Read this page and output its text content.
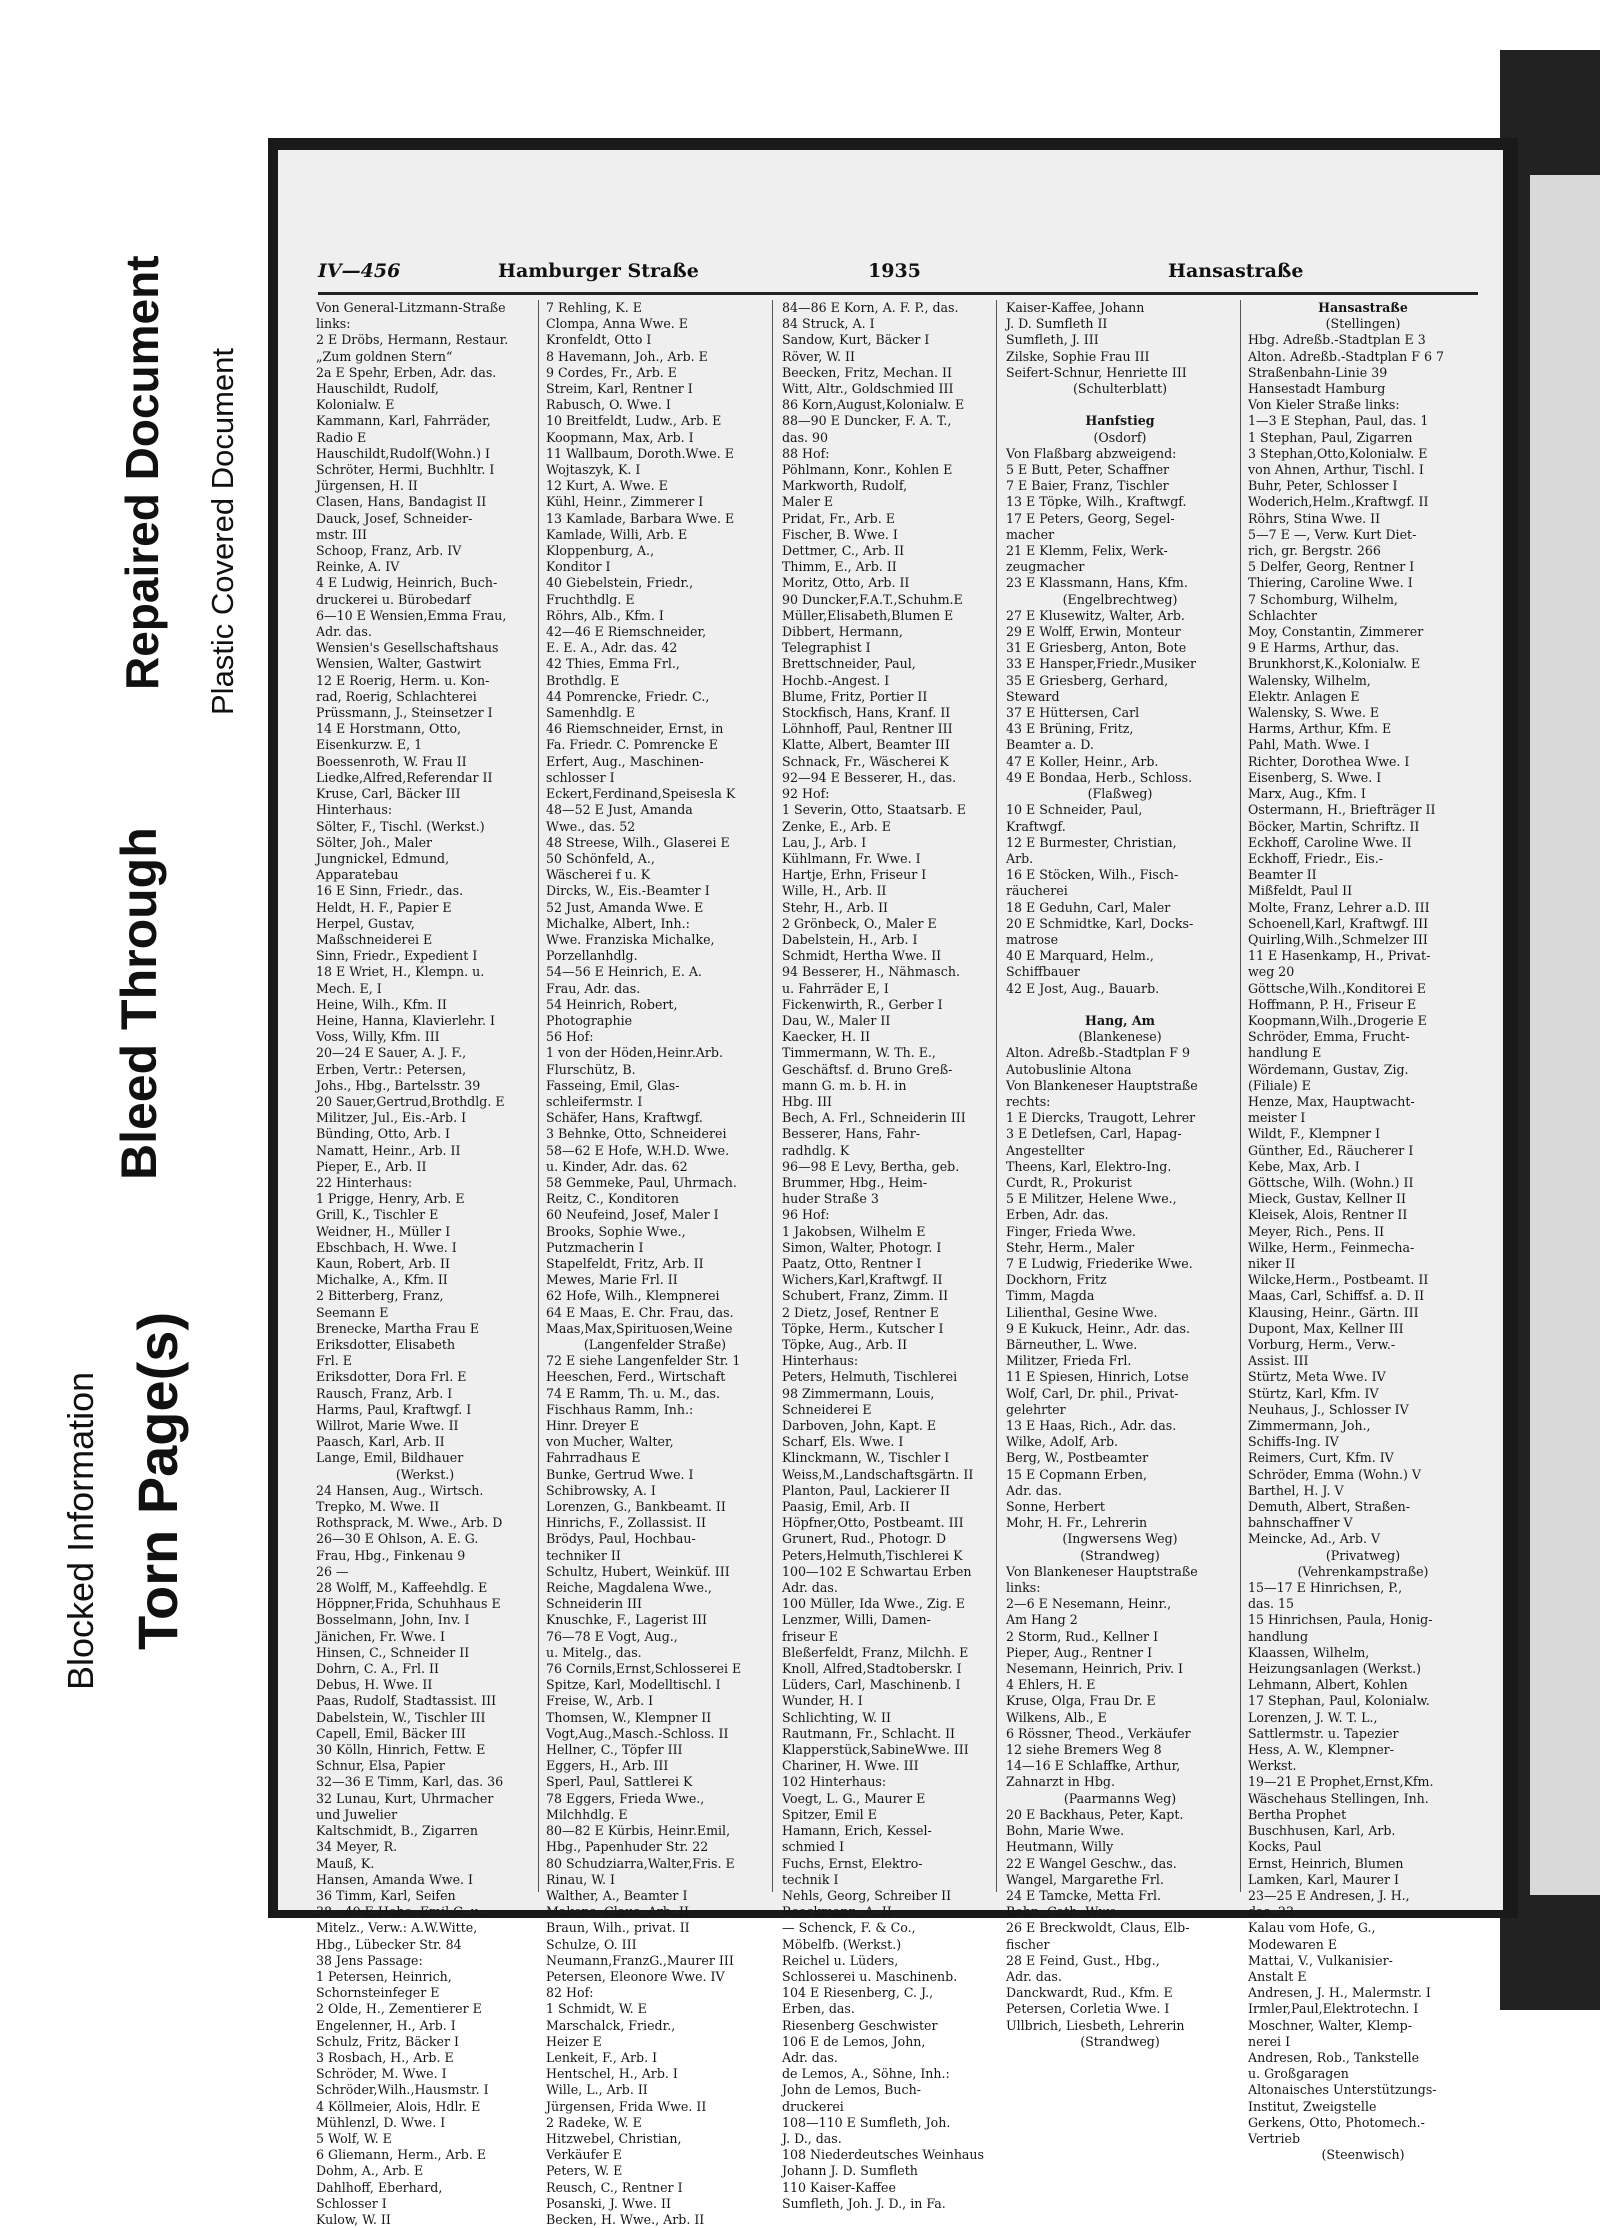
Blocked Information Torn Page(s)
Bleed Through
Repaired Document Plastic Covered Document
IV—456	Hamburger Straße	1935	Hansastraße

Von General-Litzmann-Straße

links:

2 E Dröbs, Hermann, Restaur.

„Zum goldnen Stern“

2a E Spehr, Erben, Adr. das.

Hauschildt, Rudolf,

Kolonialw. E

Kammann, Karl, Fahrräder,

Radio E

Hauschildt,Rudolf(Wohn.) I

Schröter, Hermi, Buchhltr. I

Jürgensen, H. II

Clasen, Hans, Bandagist II

Dauck, Josef, Schneider-

mstr. III

Schoop, Franz, Arb. IV

Reinke, A. IV

4 E Ludwig, Heinrich, Buch-

druckerei u. Bürobedarf

6—10 E Wensien,Emma Frau,

Adr. das.

Wensien's Gesellschaftshaus

Wensien, Walter, Gastwirt

12 E Roerig, Herm. u. Kon-

rad, Roerig, Schlachterei

Prüssmann, J., Steinsetzer I

14 E Horstmann, Otto,

Eisenkurzw. E, 1

Boessenroth, W. Frau II

Liedke,Alfred,Referendar II

Kruse, Carl, Bäcker III

Hinterhaus:

Sölter, F., Tischl. (Werkst.)

Sölter, Joh., Maler

Jungnickel, Edmund,

Apparatebau

16 E Sinn, Friedr., das.

Heldt, H. F., Papier E

Herpel, Gustav,

Maßschneiderei E

Sinn, Friedr., Expedient I

18 E Wriet, H., Klempn. u.

Mech. E, I

Heine, Wilh., Kfm. II

Heine, Hanna, Klavierlehr. I

Voss, Willy, Kfm. III

20—24 E Sauer, A. J. F.,

Erben, Vertr.: Petersen,

Johs., Hbg., Bartelsstr. 39

20 Sauer,Gertrud,Brothdlg. E

Militzer, Jul., Eis.-Arb. I

Bünding, Otto, Arb. I

Namatt, Heinr., Arb. II

Pieper, E., Arb. II

22 Hinterhaus:

1 Prigge, Henry, Arb. E

Grill, K., Tischler E

Weidner, H., Müller I

Ebschbach, H. Wwe. I

Kaun, Robert, Arb. II

Michalke, A., Kfm. II

2 Bitterberg, Franz,

Seemann E

Brenecke, Martha Frau E

Eriksdotter, Elisabeth

Frl. E

Eriksdotter, Dora Frl. E

Rausch, Franz, Arb. I

Harms, Paul, Kraftwgf. I

Willrot, Marie Wwe. II

Paasch, Karl, Arb. II

Lange, Emil, Bildhauer

(Werkst.)

24 Hansen, Aug., Wirtsch.

Trepko, M. Wwe. II

Rothsprack, M. Wwe., Arb. D

26—30 E Ohlson, A. E. G.

Frau, Hbg., Finkenau 9

26 —

28 Wolff, M., Kaffeehdlg. E

Höppner,Frida, Schuhhaus E

Bosselmann, John, Inv. I

Jänichen, Fr. Wwe. I

Hinsen, C., Schneider II

Dohrn, C. A., Frl. II

Debus, H. Wwe. II

Paas, Rudolf, Stadtassist. III

Dabelstein, W., Tischler III

Capell, Emil, Bäcker III

30 Kölln, Hinrich, Fettw. E

Schnur, Elsa, Papier

32—36 E Timm, Karl, das. 36

32 Lunau, Kurt, Uhrmacher

und Juwelier

Kaltschmidt, B., Zigarren

34 Meyer, R.

Mauß, K.

Hansen, Amanda Wwe. I

36 Timm, Karl, Seifen

38—40 E Hohe, Emil G. u.

Mitelz., Verw.: A.W.Witte,

Hbg., Lübecker Str. 84

38 Jens Passage:

1 Petersen, Heinrich,

Schornsteinfeger E

2 Olde, H., Zementierer E

Engelenner, H., Arb. I

Schulz, Fritz, Bäcker I

3 Rosbach, H., Arb. E

Schröder, M. Wwe. I

Schröder,Wilh.,Hausmstr. I

4 Köllmeier, Alois, Hdlr. E

Mühlenzl, D. Wwe. I

5 Wolf, W. E

6 Gliemann, Herm., Arb. E

Dohm, A., Arb. E

Dahlhoff, Eberhard,

Schlosser I

Kulow, W. II

7 Rehling, K. E

Clompa, Anna Wwe. E

Kronfeldt, Otto I

8 Havemann, Joh., Arb. E

9 Cordes, Fr., Arb. E

Streim, Karl, Rentner I

Rabusch, O. Wwe. I

10 Breitfeldt, Ludw., Arb. E

Koopmann, Max, Arb. I

11 Wallbaum, Doroth.Wwe. E

Wojtaszyk, K. I

12 Kurt, A. Wwe. E

Kühl, Heinr., Zimmerer I

13 Kamlade, Barbara Wwe. E

Kamlade, Willi, Arb. E

Kloppenburg, A.,

Konditor I

40 Giebelstein, Friedr.,

Fruchthdlg. E

Röhrs, Alb., Kfm. I

42—46 E Riemschneider,

E. E. A., Adr. das. 42

42 Thies, Emma Frl.,

Brothdlg. E

44 Pomrencke, Friedr. C.,

Samenhdlg. E

46 Riemschneider, Ernst, in

Fa. Friedr. C. Pomrencke E

Erfert, Aug., Maschinen-

schlosser I

Eckert,Ferdinand,Speisesla K

48—52 E Just, Amanda

Wwe., das. 52

48 Streese, Wilh., Glaserei E

50 Schönfeld, A.,

Wäscherei f u. K

Dircks, W., Eis.-Beamter I

52 Just, Amanda Wwe. E

Michalke, Albert, Inh.:

Wwe. Franziska Michalke,

Porzellanhdlg.

54—56 E Heinrich, E. A.

Frau, Adr. das.

54 Heinrich, Robert,

Photographie

56 Hof:

1 von der Höden,Heinr.Arb.

Flurschütz, B.

Fasseing, Emil, Glas-

schleifermstr. I

Schäfer, Hans, Kraftwgf.

3 Behnke, Otto, Schneiderei

58—62 E Hofe, W.H.D. Wwe.

u. Kinder, Adr. das. 62

58 Gemmeke, Paul, Uhrmach.

Reitz, C., Konditoren

60 Neufeind, Josef, Maler I

Brooks, Sophie Wwe.,

Putzmacherin I

Stapelfeldt, Fritz, Arb. II

Mewes, Marie Frl. II

62 Hofe, Wilh., Klempnerei

64 E Maas, E. Chr. Frau, das.

Maas,Max,Spirituosen,Weine

(Langenfelder Straße)

72 E siehe Langenfelder Str. 1

Heeschen, Ferd., Wirtschaft

74 E Ramm, Th. u. M., das.

Fischhaus Ramm, Inh.:

Hinr. Dreyer E

von Mucher, Walter,

Fahrradhaus E

Bunke, Gertrud Wwe. I

Schibrowsky, A. I

Lorenzen, G., Bankbeamt. II

Hinrichs, F., Zollassist. II

Brödys, Paul, Hochbau-

techniker II

Schultz, Hubert, Weinküf. III

Reiche, Magdalena Wwe.,

Schneiderin III

Knuschke, F., Lagerist III

76—78 E Vogt, Aug.,

u. Mitelg., das.

76 Cornils,Ernst,Schlosserei E

Spitze, Karl, Modelltischl. I

Freise, W., Arb. I

Thomsen, W., Klempner II

Vogt,Aug.,Masch.-Schloss. II

Hellner, C., Töpfer III

Eggers, H., Arb. III

Sperl, Paul, Sattlerei K

78 Eggers, Frieda Wwe.,

Milchhdlg. E

80—82 E Kürbis, Heinr.Emil,

Hbg., Papenhuder Str. 22

80 Schudziarra,Walter,Fris. E

Rinau, W. I

Walther, A., Beamter I

Makens, Claus, Arb. II

Braun, Wilh., privat. II

Schulze, O. III

Neumann,FranzG.,Maurer III

Petersen, Eleonore Wwe. IV

82 Hof:

1 Schmidt, W. E

Marschalck, Friedr.,

Heizer E

Lenkeit, F., Arb. I

Hentschel, H., Arb. I

Wille, L., Arb. II

Jürgensen, Frida Wwe. II

2 Radeke, W. E

Hitzwebel, Christian,

Verkäufer E

Peters, W. E

Reusch, C., Rentner I

Posanski, J. Wwe. II

Becken, H. Wwe., Arb. II

84—86 E Korn, A. F. P., das.

84 Struck, A. I

Sandow, Kurt, Bäcker I

Röver, W. II

Beecken, Fritz, Mechan. II

Witt, Altr., Goldschmied III

86 Korn,August,Kolonialw. E

88—90 E Duncker, F. A. T.,

das. 90

88 Hof:

Pöhlmann, Konr., Kohlen E

Markworth, Rudolf,

Maler E

Pridat, Fr., Arb. E

Fischer, B. Wwe. I

Dettmer, C., Arb. II

Thimm, E., Arb. II

Moritz, Otto, Arb. II

90 Duncker,F.A.T.,Schuhm.E

Müller,Elisabeth,Blumen E

Dibbert, Hermann,

Telegraphist I

Brettschneider, Paul,

Hochb.-Angest. I

Blume, Fritz, Portier II

Stockfisch, Hans, Kranf. II

Löhnhoff, Paul, Rentner III

Klatte, Albert, Beamter III

Schnack, Fr., Wäscherei K

92—94 E Besserer, H., das.

92 Hof:

1 Severin, Otto, Staatsarb. E

Zenke, E., Arb. E

Lau, J., Arb. I

Kühlmann, Fr. Wwe. I

Hartje, Erhn, Friseur I

Wille, H., Arb. II

Stehr, H., Arb. II

2 Grönbeck, O., Maler E

Dabelstein, H., Arb. I

Schmidt, Hertha Wwe. II

94 Besserer, H., Nähmasch.

u. Fahrräder E, I

Fickenwirth, R., Gerber I

Dau, W., Maler II

Kaecker, H. II

Timmermann, W. Th. E.,

Geschäftsf. d. Bruno Greß-

mann G. m. b. H. in

Hbg. III

Bech, A. Frl., Schneiderin III

Besserer, Hans, Fahr-

radhdlg. K

96—98 E Levy, Bertha, geb.

Brummer, Hbg., Heim-

huder Straße 3

96 Hof:

1 Jakobsen, Wilhelm E

Simon, Walter, Photogr. I

Paatz, Otto, Rentner I

Wichers,Karl,Kraftwgf. II

Schubert, Franz, Zimm. II

2 Dietz, Josef, Rentner E

Töpke, Herm., Kutscher I

Töpke, Aug., Arb. II

Hinterhaus:

Peters, Helmuth, Tischlerei

98 Zimmermann, Louis,

Schneiderei E

Darboven, John, Kapt. E

Scharf, Els. Wwe. I

Klinckmann, W., Tischler I

Weiss,M.,Landschaftsgärtn. II

Planton, Paul, Lackierer II

Paasig, Emil, Arb. II

Höpfner,Otto, Postbeamt. III

Grunert, Rud., Photogr. D

Peters,Helmuth,Tischlerei K

100—102 E Schwartau Erben

Adr. das.

100 Müller, Ida Wwe., Zig. E

Lenzmer, Willi, Damen-

friseur E

Bleßerfeldt, Franz, Milchh. E

Knoll, Alfred,Stadtoberskr. I

Lüders, Carl, Maschinenb. I

Wunder, H. I

Schlichting, W. II

Rautmann, Fr., Schlacht. II

Klapperstück,SabineWwe. III

Chariner, H. Wwe. III

102 Hinterhaus:

Voegt, L. G., Maurer E

Spitzer, Emil E

Hamann, Erich, Kessel-

schmied I

Fuchs, Ernst, Elektro-

technik I

Nehls, Georg, Schreiber II

Reeckmann, A. II

— Schenck, F. & Co.,

Möbelfb. (Werkst.)

Reichel u. Lüders,

Schlosserei u. Maschinenb.

104 E Riesenberg, C. J.,

Erben, das.

Riesenberg Geschwister

106 E de Lemos, John,

Adr. das.

de Lemos, A., Söhne, Inh.:

John de Lemos, Buch-

druckerei

108—110 E Sumfleth, Joh.

J. D., das.

108 Niederdeutsches Weinhaus

Johann J. D. Sumfleth

110 Kaiser-Kaffee

Sumfleth, Joh. J. D., in Fa.

Kaiser-Kaffee, Johann

J. D. Sumfleth II

Sumfleth, J. III

Zilske, Sophie Frau III

Seifert-Schnur, Henriette III

(Schulterblatt)

Hanfstieg

(Osdorf)

Von Flaßbarg abzweigend:

5 E Butt, Peter, Schaffner

7 E Baier, Franz, Tischler

13 E Töpke, Wilh., Kraftwgf.

17 E Peters, Georg, Segel-

macher

21 E Klemm, Felix, Werk-

zeugmacher

23 E Klassmann, Hans, Kfm.

(Engelbrechtweg)

27 E Klusewitz, Walter, Arb.

29 E Wolff, Erwin, Monteur

31 E Griesberg, Anton, Bote

33 E Hansper,Friedr.,Musiker

35 E Griesberg, Gerhard,

Steward

37 E Hüttersen, Carl

43 E Brüning, Fritz,

Beamter a. D.

47 E Koller, Heinr., Arb.

49 E Bondaa, Herb., Schloss.

(Flaßweg)

10 E Schneider, Paul,

Kraftwgf.

12 E Burmester, Christian,

Arb.

16 E Stöcken, Wilh., Fisch-

räucherei

18 E Geduhn, Carl, Maler

20 E Schmidtke, Karl, Docks-

matrose

40 E Marquard, Helm.,

Schiffbauer

42 E Jost, Aug., Bauarb.

Hang, Am

(Blankenese)

Alton. Adreßb.-Stadtplan F 9

Autobuslinie Altona

Von Blankeneser Hauptstraße

rechts:

1 E Diercks, Traugott, Lehrer

3 E Detlefsen, Carl, Hapag-

Angestellter

Theens, Karl, Elektro-Ing.

Curdt, R., Prokurist

5 E Militzer, Helene Wwe.,

Erben, Adr. das.

Finger, Frieda Wwe.

Stehr, Herm., Maler

7 E Ludwig, Friederike Wwe.

Dockhorn, Fritz

Timm, Magda

Lilienthal, Gesine Wwe.

9 E Kukuck, Heinr., Adr. das.

Bärneuther, L. Wwe.

Militzer, Frieda Frl.

11 E Spiesen, Hinrich, Lotse

Wolf, Carl, Dr. phil., Privat-

gelehrter

13 E Haas, Rich., Adr. das.

Wilke, Adolf, Arb.

Berg, W., Postbeamter

15 E Copmann Erben,

Adr. das.

Sonne, Herbert

Mohr, H. Fr., Lehrerin

(Ingwersens Weg)

(Strandweg)

Von Blankeneser Hauptstraße

links:

2—6 E Nesemann, Heinr.,

Am Hang 2

2 Storm, Rud., Kellner I

Pieper, Aug., Rentner I

Nesemann, Heinrich, Priv. I

4 Ehlers, H. E

Kruse, Olga, Frau Dr. E

Wilkens, Alb., E

6 Rössner, Theod., Verkäufer

12 siehe Bremers Weg 8

14—16 E Schlaffke, Arthur,

Zahnarzt in Hbg.

(Paarmanns Weg)

20 E Backhaus, Peter, Kapt.

Bohn, Marie Wwe.

Heutmann, Willy

22 E Wangel Geschw., das.

Wangel, Margarethe Frl.

24 E Tamcke, Metta Frl.

Bohn, Cath. Wwe.

26 E Breckwoldt, Claus, Elb-

fischer

28 E Feind, Gust., Hbg.,

Adr. das.

Danckwardt, Rud., Kfm. E

Petersen, Corletia Wwe. I

Ullbrich, Liesbeth, Lehrerin

(Strandweg)

Hansastraße

(Stellingen)

Hbg. Adreßb.-Stadtplan E 3

Alton. Adreßb.-Stadtplan F 6 7

Straßenbahn-Linie 39

Hansestadt Hamburg

Von Kieler Straße links:

1—3 E Stephan, Paul, das. 1

1 Stephan, Paul, Zigarren

3 Stephan,Otto,Kolonialw. E

von Ahnen, Arthur, Tischl. I

Buhr, Peter, Schlosser I

Woderich,Helm.,Kraftwgf. II

Röhrs, Stina Wwe. II

5—7 E —, Verw. Kurt Diet-

rich, gr. Bergstr. 266

5 Delfer, Georg, Rentner I

Thiering, Caroline Wwe. I

7 Schomburg, Wilhelm,

Schlachter

Moy, Constantin, Zimmerer

9 E Harms, Arthur, das.

Brunkhorst,K.,Kolonialw. E

Walensky, Wilhelm,

Elektr. Anlagen E

Walensky, S. Wwe. E

Harms, Arthur, Kfm. E

Pahl, Math. Wwe. I

Richter, Dorothea Wwe. I

Eisenberg, S. Wwe. I

Marx, Aug., Kfm. I

Ostermann, H., Briefträger II

Böcker, Martin, Schriftz. II

Eckhoff, Caroline Wwe. II

Eckhoff, Friedr., Eis.-

Beamter II

Mißfeldt, Paul II

Molte, Franz, Lehrer a.D. III

Schoenell,Karl, Kraftwgf. III

Quirling,Wilh.,Schmelzer III

11 E Hasenkamp, H., Privat-

weg 20

Göttsche,Wilh.,Konditorei E

Hoffmann, P. H., Friseur E

Koopmann,Wilh.,Drogerie E

Schröder, Emma, Frucht-

handlung E

Wördemann, Gustav, Zig.

(Filiale) E

Henze, Max, Hauptwacht-

meister I

Wildt, F., Klempner I

Günther, Ed., Räucherer I

Kebe, Max, Arb. I

Göttsche, Wilh. (Wohn.) II

Mieck, Gustav, Kellner II

Kleisek, Alois, Rentner II

Meyer, Rich., Pens. II

Wilke, Herm., Feinmecha-

niker II

Wilcke,Herm., Postbeamt. II

Maas, Carl, Schiffsf. a. D. II

Klausing, Heinr., Gärtn. III

Dupont, Max, Kellner III

Vorburg, Herm., Verw.-

Assist. III

Stürtz, Meta Wwe. IV

Stürtz, Karl, Kfm. IV

Neuhaus, J., Schlosser IV

Zimmermann, Joh.,

Schiffs-Ing. IV

Reimers, Curt, Kfm. IV

Schröder, Emma (Wohn.) V

Barthel, H. J. V

Demuth, Albert, Straßen-

bahnschaffner V

Meincke, Ad., Arb. V

(Privatweg)

(Vehrenkampstraße)

15—17 E Hinrichsen, P.,

das. 15

15 Hinrichsen, Paula, Honig-

handlung

Klaassen, Wilhelm,

Heizungsanlagen (Werkst.)

Lehmann, Albert, Kohlen

17 Stephan, Paul, Kolonialw.

Lorenzen, J. W. T. L.,

Sattlermstr. u. Tapezier

Hess, A. W., Klempner-

Werkst.

19—21 E Prophet,Ernst,Kfm.

Wäschehaus Stellingen, Inh.

Bertha Prophet

Buschhusen, Karl, Arb.

Kocks, Paul

Ernst, Heinrich, Blumen

Lamken, Karl, Maurer I

23—25 E Andresen, J. H.,

das. 23

Kalau vom Hofe, G.,

Modewaren E

Mattai, V., Vulkanisier-

Anstalt E

Andresen, J. H., Malermstr. I

Irmler,Paul,Elektrotechn. I

Moschner, Walter, Klemp-

nerei I

Andresen, Rob., Tankstelle

u. Großgaragen

Altonaisches Unterstützungs-

Institut, Zweigstelle

Gerkens, Otto, Photomech.-

Vertrieb

(Steenwisch)
